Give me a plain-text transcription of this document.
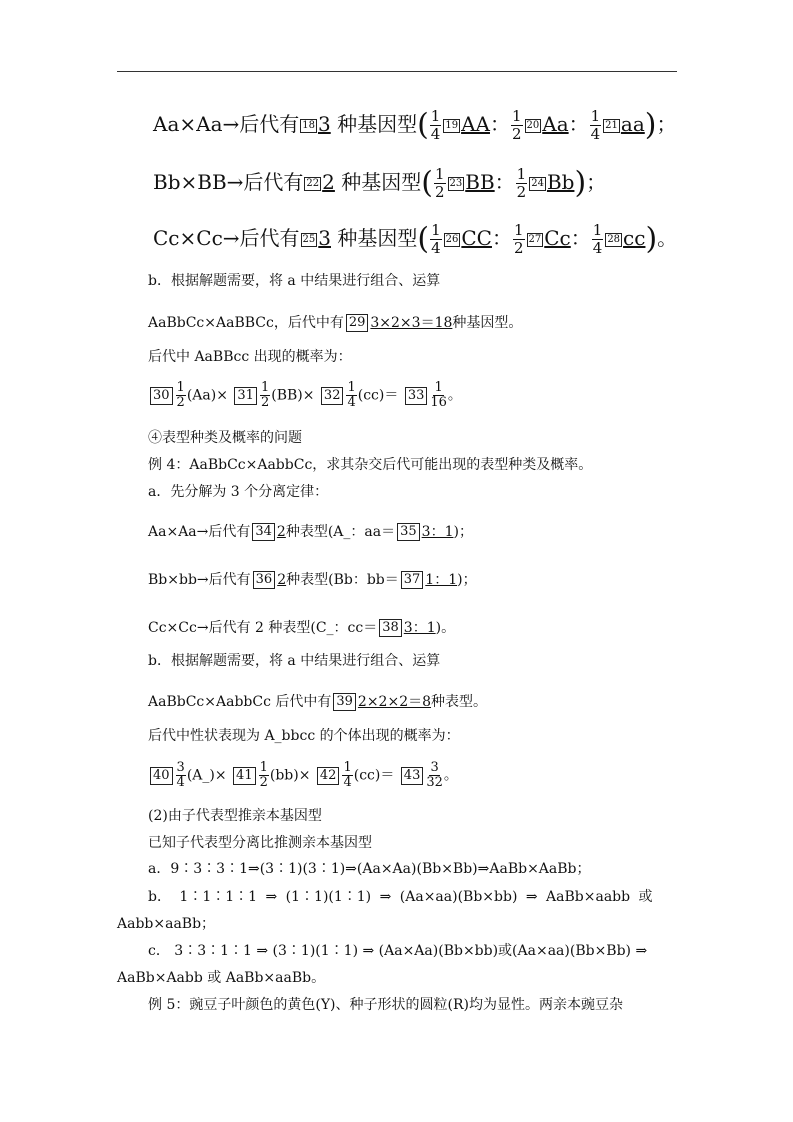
Aa×Aa→后代有 18 3 种基因型( $\frac{1}{4} 19$ AA： $\frac{1}{2} 20$ Aa： $\frac{1}{4} 21$ aa)；
Bb×BB→后代有 22 2 种基因型( $\frac{1}{2} 23$ BB： $\frac{1}{2} 24$ Bb)；
Cc×Cc→后代有 25 3 种基因型( $\frac{1}{4} 26$ CC： $\frac{1}{2} 27$ Cc： $\frac{1}{4} 28$ cc)。
b．根据解题需要，将 a 中结果进行组合、运算
AaBbCc×AaBBCc，后代中有 29 3×2×3＝18种基因型。
后代中 AaBBcc 出现的概率为：
$30 \frac{1}{2} (Aa)\times 31 \frac{1}{2} (BB)\times 32 \frac{1}{4} (cc)= 33 \frac{1}{16}$ 。
④表型种类及概率的问题
例 4：AaBbCc×AabbCc，求其杂交后代可能出现的表型种类及概率。
a．先分解为 3 个分离定律：
Aa×Aa→后代有 34 2种表型(A_：aa＝ 35 3：1)；
Bb×bb→后代有 36 2种表型(Bb：bb＝ 37 1：1)；
Cc×Cc→后代有 2 种表型(C_：cc＝ 38 3：1)。
b．根据解题需要，将 a 中结果进行组合、运算
AaBbCc×AabbCc 后代中有 39 2×2×2＝8种表型。
后代中性状表现为 A_bbcc 的个体出现的概率为：
$40 \frac{3}{4}$ (A_)× $41 \frac{1}{2} (bb)\times 42 \frac{1}{4} (cc)= 43 \frac{3}{32}$ 。
(2)由子代表型推亲本基因型
已知子代表型分离比推测亲本基因型
a．9∶3∶3∶1⇒(3∶1)(3∶1)⇒(Aa×Aa)(Bb×Bb)⇒AaBb×AaBb；
b． 1∶1∶1∶1 ⇒ (1∶1)(1∶1) ⇒ (Aa×aa)(Bb×bb) ⇒ AaBb×aabb 或
Aabb×aaBb；
c． 3∶3∶1∶1 ⇒ (3∶1)(1∶1) ⇒ (Aa×Aa)(Bb×bb)或(Aa×aa)(Bb×Bb) ⇒
AaBb×Aabb 或 AaBb×aaBb。
例 5：豌豆子叶颜色的黄色(Y)、种子形状的圆粒(R)均为显性。两亲本豌豆杂
